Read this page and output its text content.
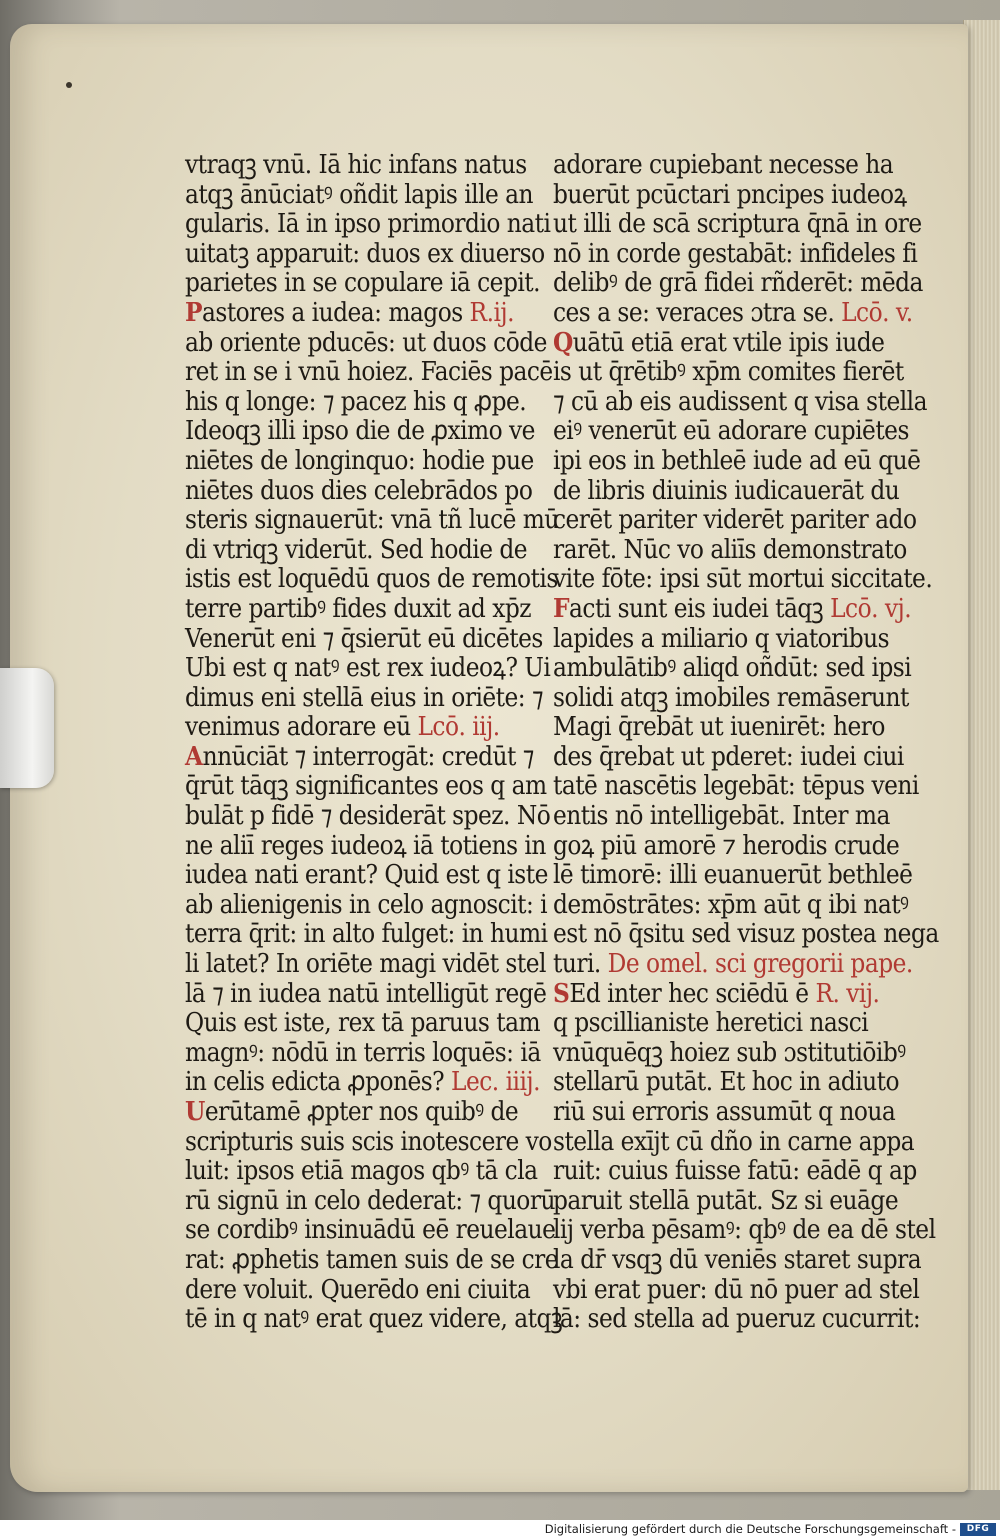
vtraqꝫ vnū. Iā hic infans natus
atqꝫ ānūciatꝰ oñdit lapis ille an
gularis. Iā in ipso primordio nati
uitatꝫ apparuit: duos ex diuerso
parietes in se copulare iā cepit.
Pastores a iudea: magos R.ij.
ab oriente pducēs: ut duos cōde
ret in se i vnū hoiez. Faciēs pacē
his q longe: ⁊ pacez his q ꝓpe.
Ideoqꝫ illi ipso die de ꝓximo ve
niētes de longinquo: hodie pue
niētes duos dies celebrādos po
steris signauerūt: vnā tñ lucē mū
di vtriqꝫ viderūt. Sed hodie de
istis est loquēdū quos de remotis
terre partibꝰ fides duxit ad xp̄z
Venerūt eni ⁊ q̄sierūt eū dicētes
Ubi est q natꝰ est rex iudeoꝝ? Ui
dimus eni stellā eius in oriēte: ⁊
venimus adorare eū Lcō. iij.
Annūciāt ⁊ interrogāt: credūt ⁊
q̄rūt tāqꝫ significantes eos q am
bulāt p fidē ⁊ desiderāt spez. Nō
ne aliī reges iudeoꝝ iā totiens in
iudea nati erant? Quid est q iste
ab alienigenis in celo agnoscit: i
terra q̄rit: in alto fulget: in humi
li latet? In oriēte magi vidēt stel
lā ⁊ in iudea natū intelligūt regē
Quis est iste, rex tā paruus tam
magnꝰ: nōdū in terris loquēs: iā
in celis edicta ꝓponēs? Lec. iiij.
Uerūtamē ꝓpter nos quibꝰ de
scripturis suis scis inotescere vo
luit: ipsos etiā magos qbꝰ tā cla
rū signū in celo dederat: ⁊ quorū
se cordibꝰ insinuādū eē reuelaue
rat: ꝓphetis tamen suis de se cre
dere voluit. Querēdo eni ciuita
tē in q natꝰ erat quez videre, atqꝫ
adorare cupiebant necesse ha
buerūt pcūctari pncipes iudeoꝝ
ut illi de scā scriptura q̄nā in ore
nō in corde gestabāt: infideles fi
delibꝰ de grā fidei rñderēt: mēda
ces a se: veraces ɔtra se. Lcō. v.
Quātū etiā erat vtile ipis iude
is ut q̄rētibꝰ xp̄m comites fierēt
⁊ cū ab eis audissent q visa stella
eiꝰ venerūt eū adorare cupiētes
ipi eos in bethleē iude ad eū quē
de libris diuinis iudicauerāt du
cerēt pariter viderēt pariter ado
rarēt. Nūc vo aliīs demonstrato
vite fōte: ipsi sūt mortui siccitate.
Facti sunt eis iudei tāqꝫ Lcō. vj.
lapides a miliario q viatoribus
ambulātibꝰ aliqd oñdūt: sed ipsi
solidi atqꝫ imobiles remāserunt
Magi q̄rebāt ut iuenirēt: hero
des q̄rebat ut pderet: iudei ciui
tatē nascētis legebāt: tēpus veni
entis nō intelligebāt. Inter ma
goꝝ piū amorē ⁊ herodis crude
lē timorē: illi euanuerūt bethleē
demōstrātes: xp̄m aūt q ibi natꝰ
est nō q̄situ sed visuz postea nega
turi. De omel. sci gregorii pape.
SEd inter hec sciēdū ē R. vij.
q pscillianiste heretici nasci
vnūquēqꝫ hoiez sub ɔstitutiōibꝰ
stellarū putāt. Et hoc in adiuto
riū sui erroris assumūt q noua
stella exījt cū dño in carne appa
ruit: cuius fuisse fatū: eādē q ap
paruit stellā putāt. Sz si euāge
lij verba pēsamꝰ: qbꝰ de ea dē stel
la dr̄ vsqꝫ dū veniēs staret supra
vbi erat puer: dū nō puer ad stel
lā: sed stella ad pueruz cucurrit:
Digitalisierung gefördert durch die Deutsche Forschungsgemeinschaft -	DFG
